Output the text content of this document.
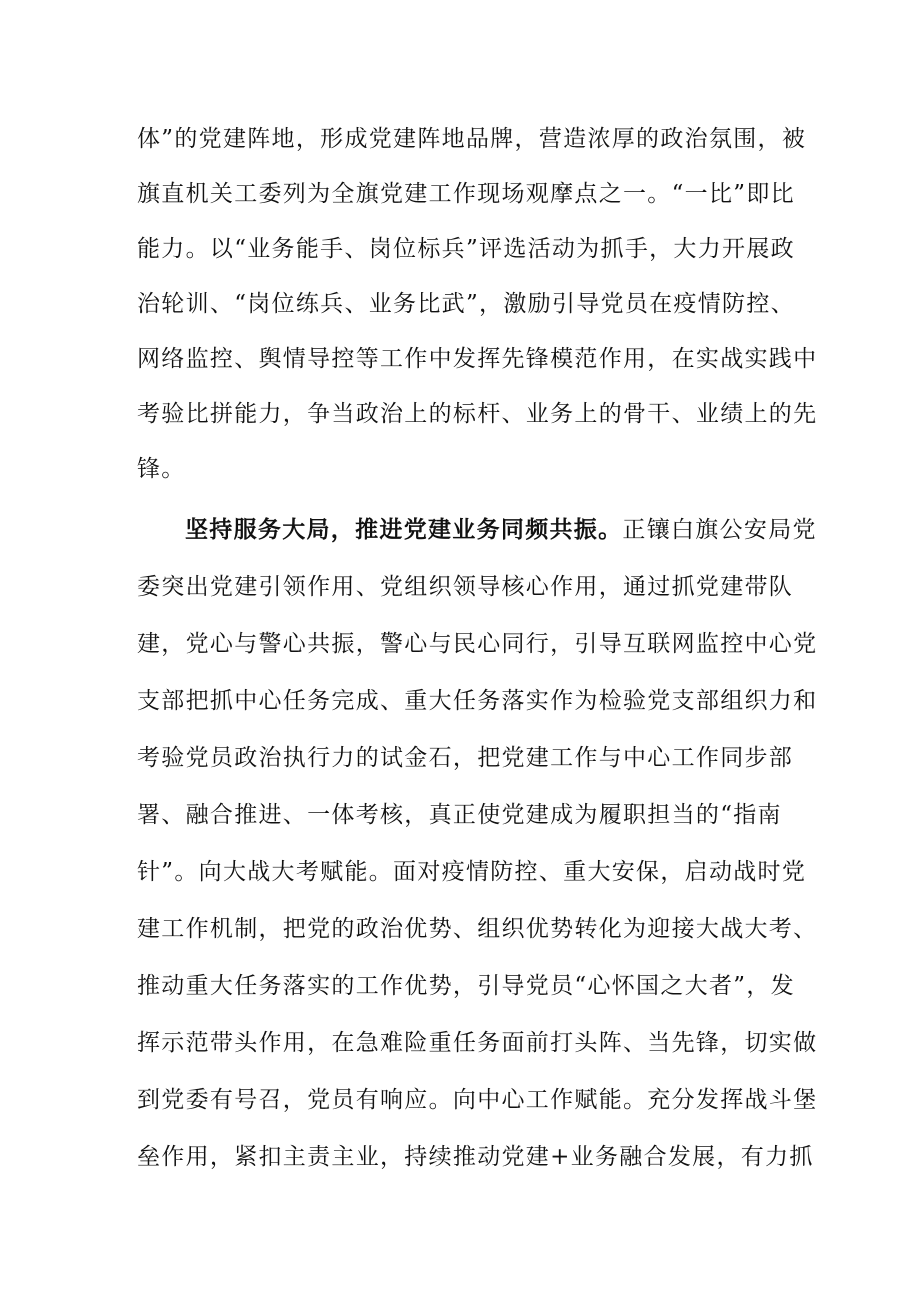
体”的党建阵地，形成党建阵地品牌，营造浓厚的政治氛围，被
旗直机关工委列为全旗党建工作现场观摩点之一。“一比”即比
能力。以“业务能手、岗位标兵”评选活动为抓手，大力开展政
治轮训、“岗位练兵、业务比武”，激励引导党员在疫情防控、
网络监控、舆情导控等工作中发挥先锋模范作用，在实战实践中
考验比拼能力，争当政治上的标杆、业务上的骨干、业绩上的先
锋。
坚持服务大局，推进党建业务同频共振。正镶白旗公安局党
委突出党建引领作用、党组织领导核心作用，通过抓党建带队
建，党心与警心共振，警心与民心同行，引导互联网监控中心党
支部把抓中心任务完成、重大任务落实作为检验党支部组织力和
考验党员政治执行力的试金石，把党建工作与中心工作同步部
署、融合推进、一体考核，真正使党建成为履职担当的“指南
针”。向大战大考赋能。面对疫情防控、重大安保，启动战时党
建工作机制，把党的政治优势、组织优势转化为迎接大战大考、
推动重大任务落实的工作优势，引导党员“心怀国之大者”，发
挥示范带头作用，在急难险重任务面前打头阵、当先锋，切实做
到党委有号召，党员有响应。向中心工作赋能。充分发挥战斗堡
垒作用，紧扣主责主业，持续推动党建+业务融合发展，有力抓
